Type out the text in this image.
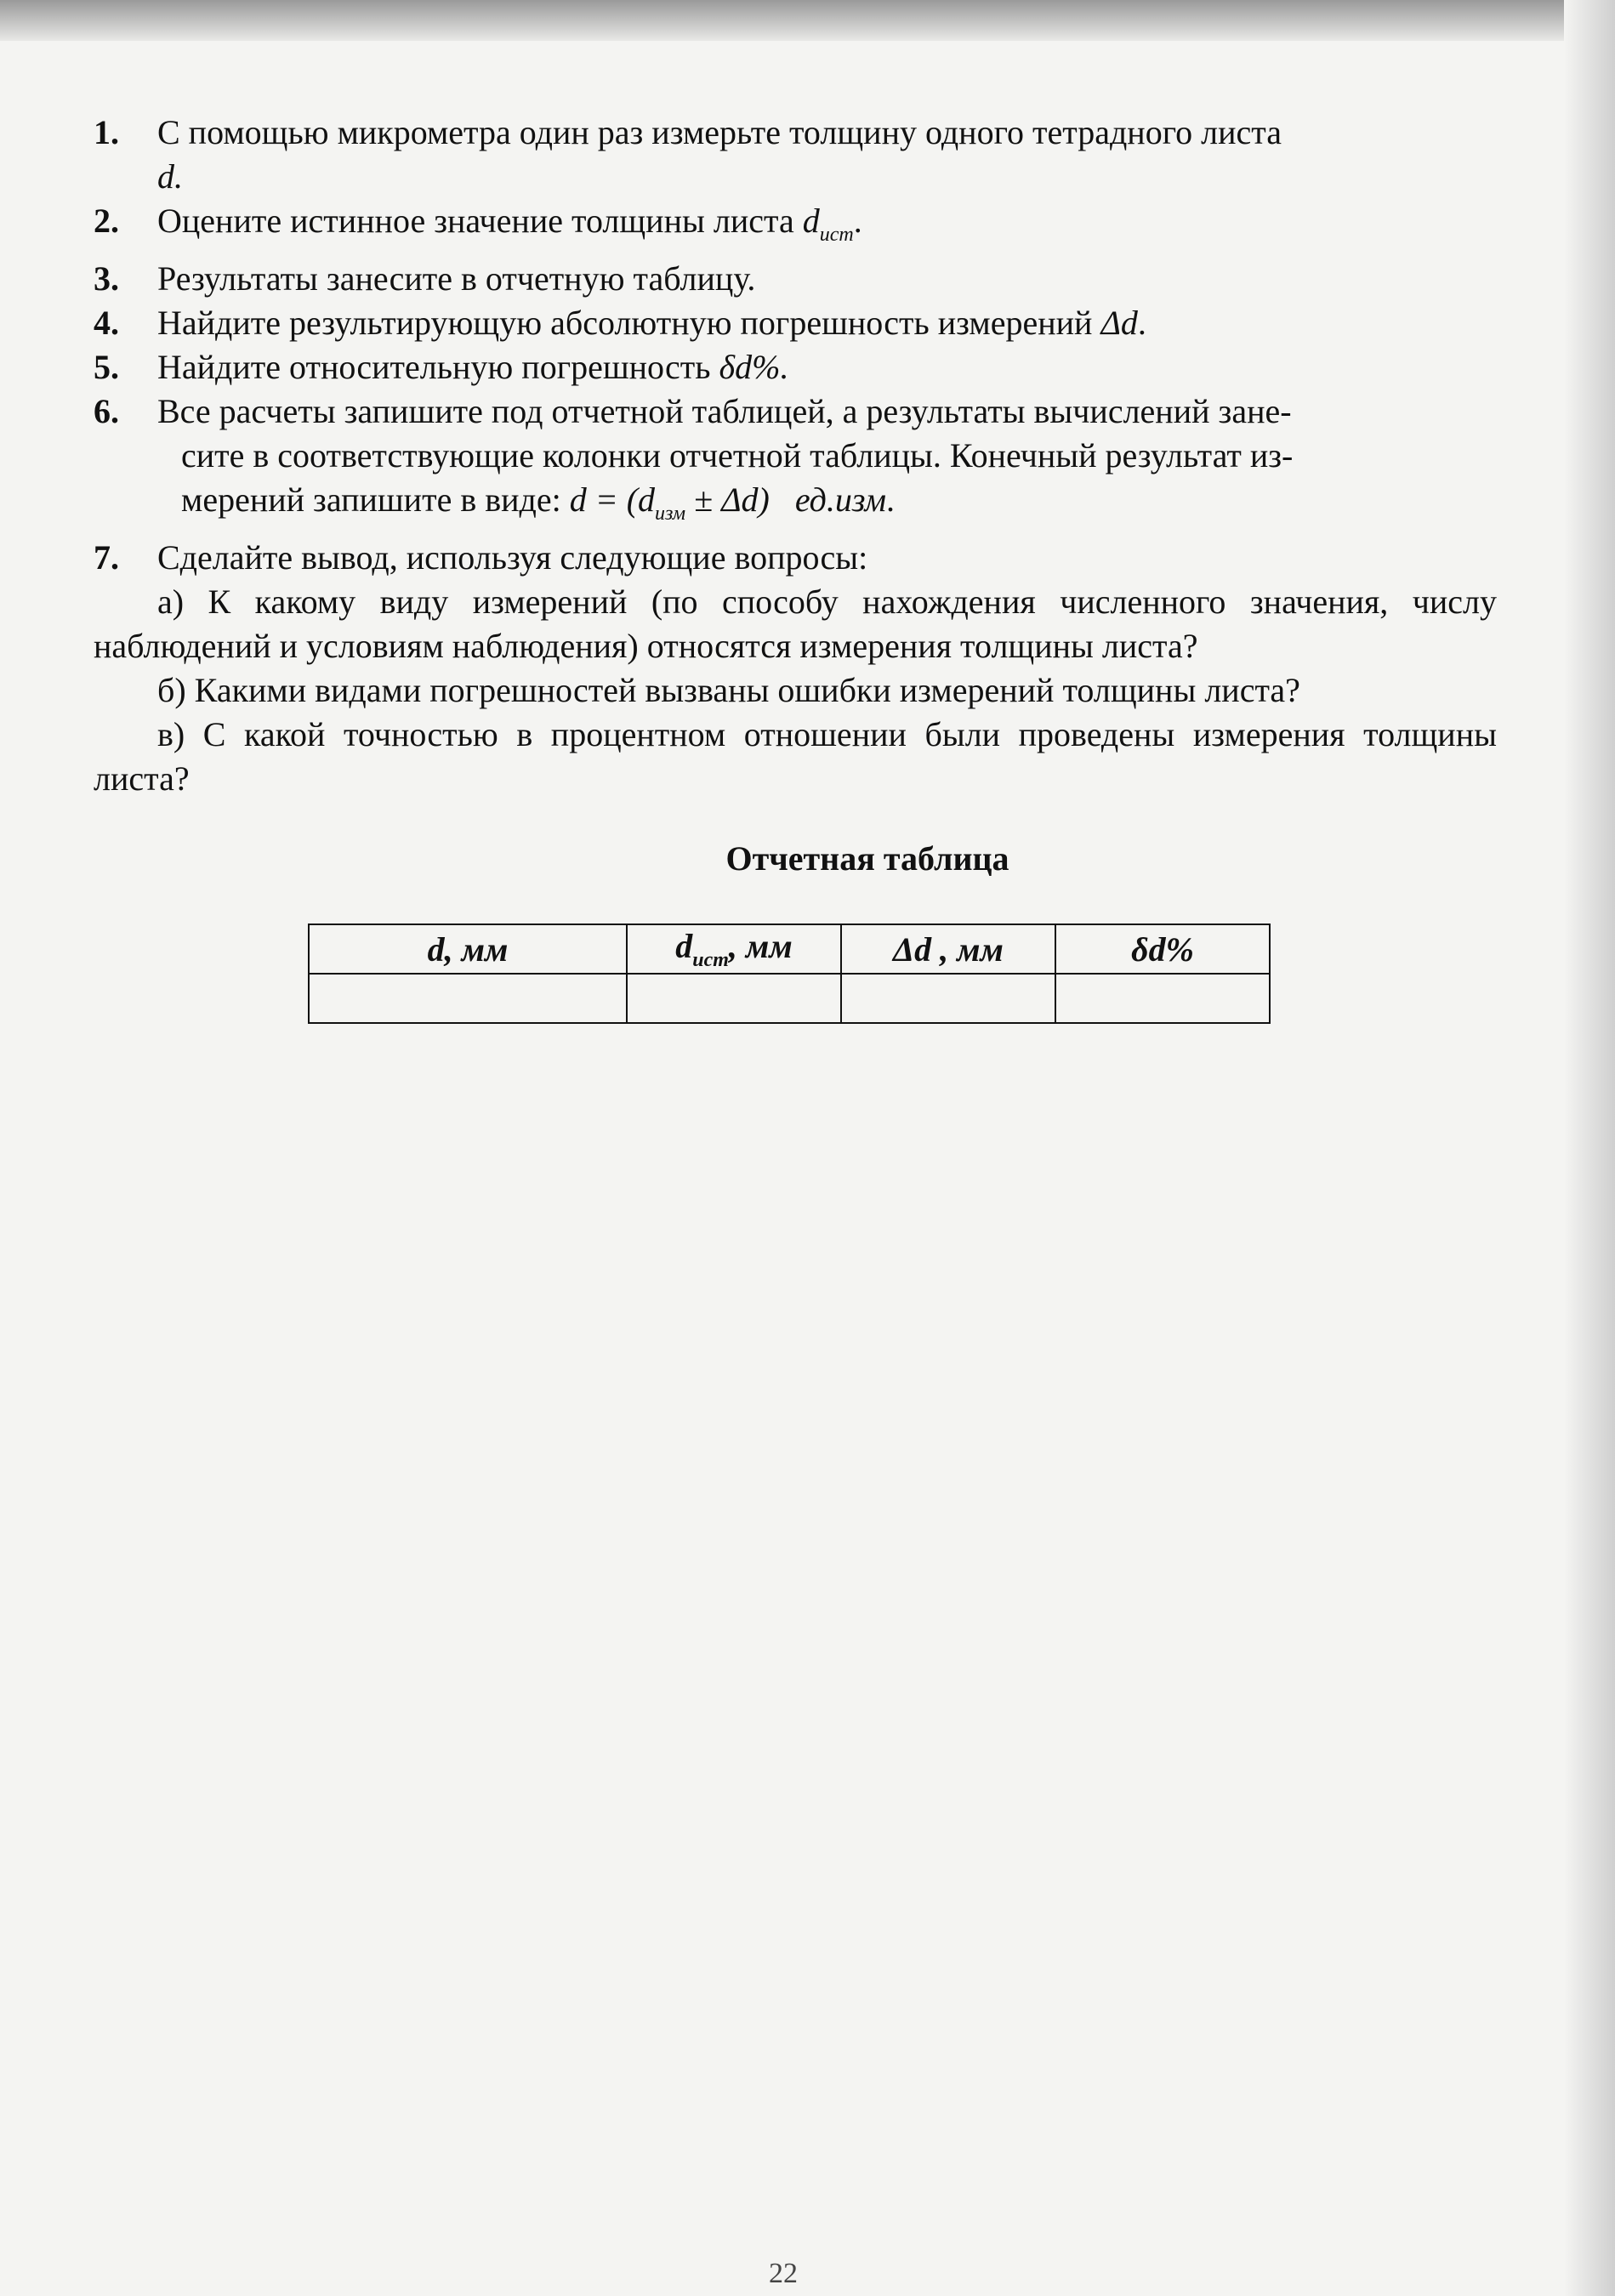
1. С помощью микрометра один раз измерьте толщину одного тетрадного листа
d.
2. Оцените истинное значение толщины листа $d_{ист}$.
3. Результаты занесите в отчетную таблицу.
4. Найдите результирующую абсолютную погрешность измерений Δd.
5. Найдите относительную погрешность δd%.
6. Все расчеты запишите под отчетной таблицей, а результаты вычислений зане-
сите в соответствующие колонки отчетной таблицы. Конечный результат из-
мерений запишите в виде: $d = (d_{изм} \pm \Delta d)$ ед.изм.
7. Сделайте вывод, используя следующие вопросы:

а) К какому виду измерений (по способу нахождения численного значения, числу наблюдений и условиям наблюдения) относятся измерения толщины листа?

б) Какими видами погрешностей вызваны ошибки измерений толщины листа?

в) С какой точностью в процентном отношении были проведены измерения толщины листа?

Отчетная таблица
d, мм	$d_{ист}$, мм	Δd , мм	δd%

22
